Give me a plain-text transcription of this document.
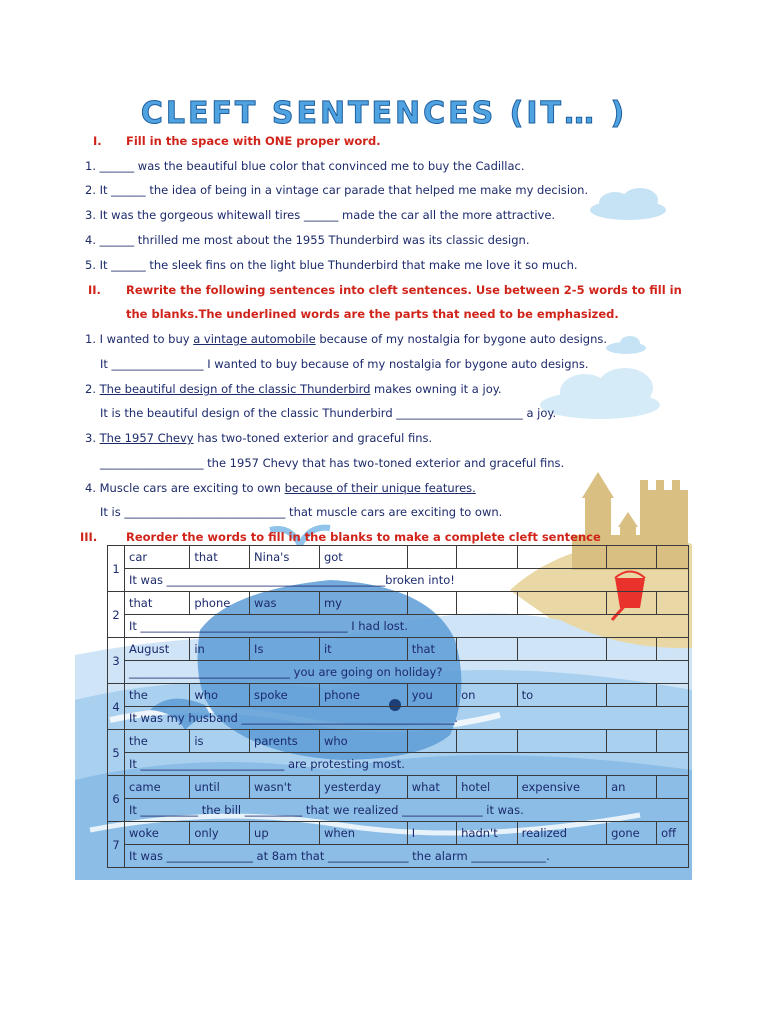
CLEFT SENTENCES (IT… )
I. Fill in the space with ONE proper word.
1. ______ was the beautiful blue color that convinced me to buy the Cadillac.
2. It ______ the idea of being in a vintage car parade that helped me make my decision.
3. It was the gorgeous whitewall tires ______ made the car all the more attractive.
4. ______ thrilled me most about the 1955 Thunderbird was its classic design.
5. It ______ the sleek fins on the light blue Thunderbird that make me love it so much.
II. Rewrite the following sentences into cleft sentences. Use between 2-5 words to fill in
the blanks.The underlined words are the parts that need to be emphasized.
1. I wanted to buy a vintage automobile because of my nostalgia for bygone auto designs.
It ________________ I wanted to buy because of my nostalgia for bygone auto designs.
2. The beautiful design of the classic Thunderbird makes owning it a joy.
It is the beautiful design of the classic Thunderbird ______________________ a joy.
3. The 1957 Chevy has two-toned exterior and graceful fins.
__________________ the 1957 Chevy that has two-toned exterior and graceful fins.
4. Muscle cars are exciting to own because of their unique features.
It is ____________________________ that muscle cars are exciting to own.
III.	Reorder the words to fill in the blanks to make a complete cleft sentence
1	car	that	Nina's	got					
	It was ______________________________________broken into!								
2	that	phone	was	my					
	It ____________________________________ I had lost.								
3	August	in	Is	it	that				
	____________________________ you are going on holiday?								
4	the	who	spoke	phone	you	on	to		
	It was my husband _____________________________________.								
5	the	is	parents	who					
	It _________________________ are protesting most.								
6	came	until	wasn't	yesterday	what	hotel	expensive	an	
	It __________ the bill __________ that we realized ______________ it was.								
7	woke	only	up	when	I	hadn't	realized	gone	off
	It was _______________ at 8am that ______________ the alarm _____________.								
